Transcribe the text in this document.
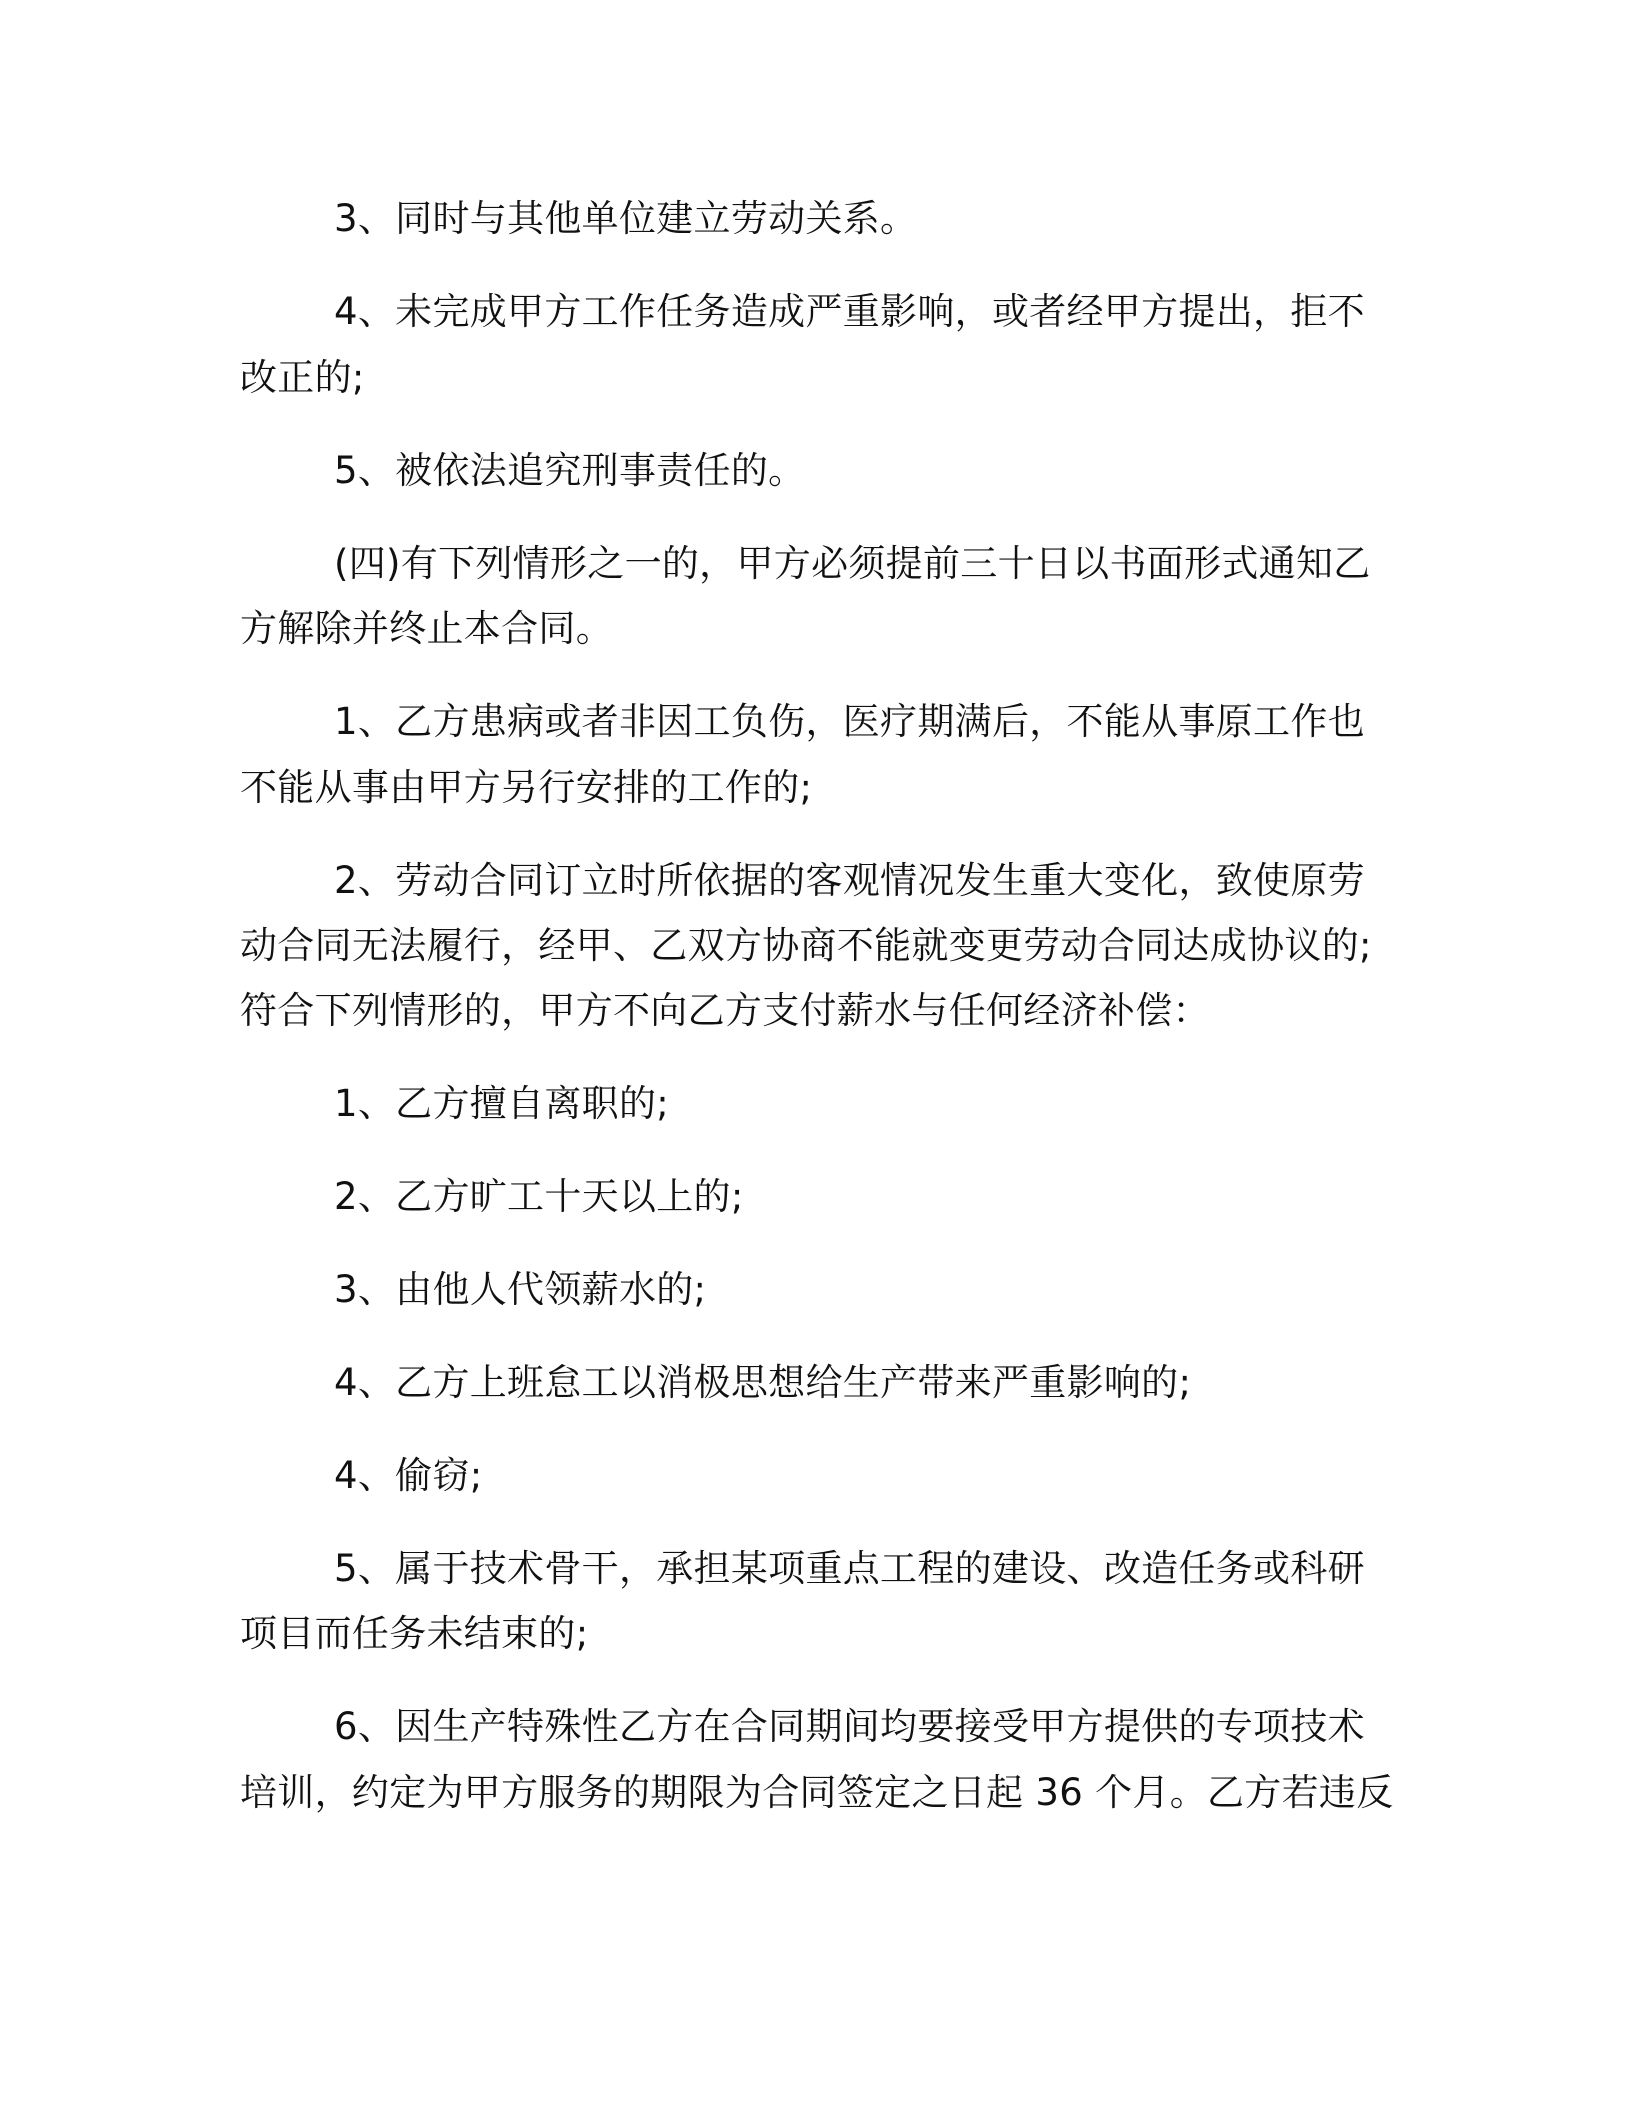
3、同时与其他单位建立劳动关系。

4、未完成甲方工作任务造成严重影响，或者经甲方提出，拒不

改正的;

5、被依法追究刑事责任的。

(四)有下列情形之一的，甲方必须提前三十日以书面形式通知乙

方解除并终止本合同。

1、乙方患病或者非因工负伤，医疗期满后，不能从事原工作也

不能从事由甲方另行安排的工作的;

2、劳动合同订立时所依据的客观情况发生重大变化，致使原劳

动合同无法履行，经甲、乙双方协商不能就变更劳动合同达成协议的;

符合下列情形的，甲方不向乙方支付薪水与任何经济补偿：

1、乙方擅自离职的;

2、乙方旷工十天以上的;

3、由他人代领薪水的;

4、乙方上班怠工以消极思想给生产带来严重影响的;

4、偷窃;

5、属于技术骨干，承担某项重点工程的建设、改造任务或科研

项目而任务未结束的;

6、因生产特殊性乙方在合同期间均要接受甲方提供的专项技术

培训，约定为甲方服务的期限为合同签定之日起 36 个月。乙方若违反
